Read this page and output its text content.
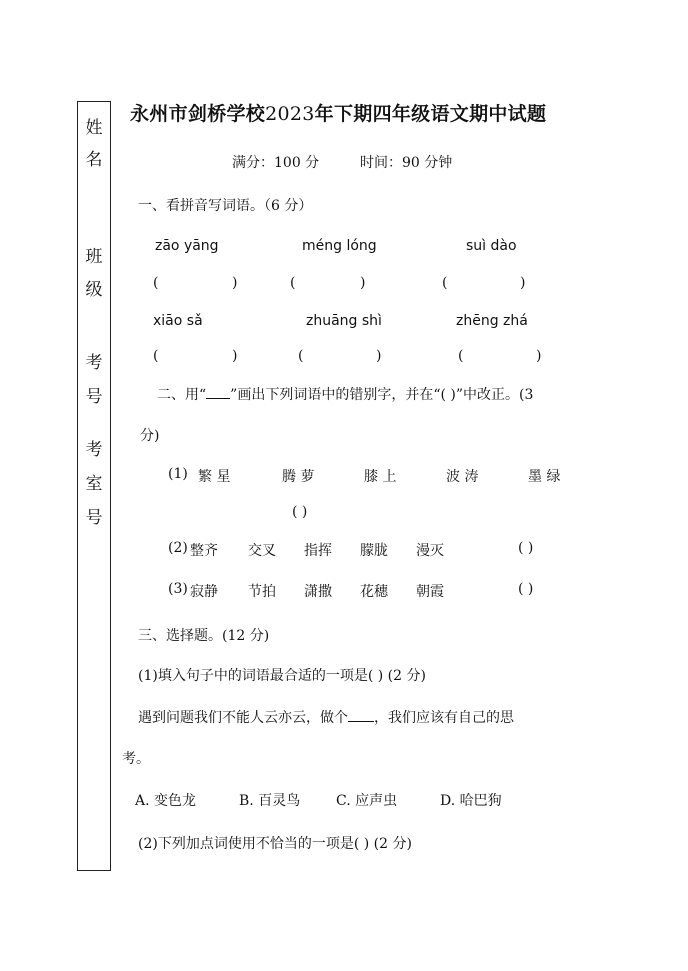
姓
名
班
级
考
号
考
室
号
永州市剑桥学校2023年下期四年级语文期中试题
满分：100 分	时间：90 分钟
一、看拼音写词语。（6 分）
zāo yāng	méng lóng	suì dào
(	)	(	)	(	)
xiāo sǎ	zhuāng shì	zhēng zhá
(	)	(	)	(	)
二、用“ ”画出下列词语中的错别字，并在“( )”中改正。(3
分)
(1) 繁 星	腾 萝	膝 上	波 涛	墨 绿
( )
(2) 整齐 交叉 指挥 朦胧 漫灭	( )
(3) 寂静 节拍 潇撒 花穗 朝霞	( )
三、选择题。(12 分)
(1)填入句子中的词语最合适的一项是( ) (2 分)
遇到问题我们不能人云亦云，做个 ，我们应该有自己的思
考。
A. 变色龙	B. 百灵鸟	C. 应声虫	D. 哈巴狗
(2)下列加点词使用不恰当的一项是( ) (2 分)
